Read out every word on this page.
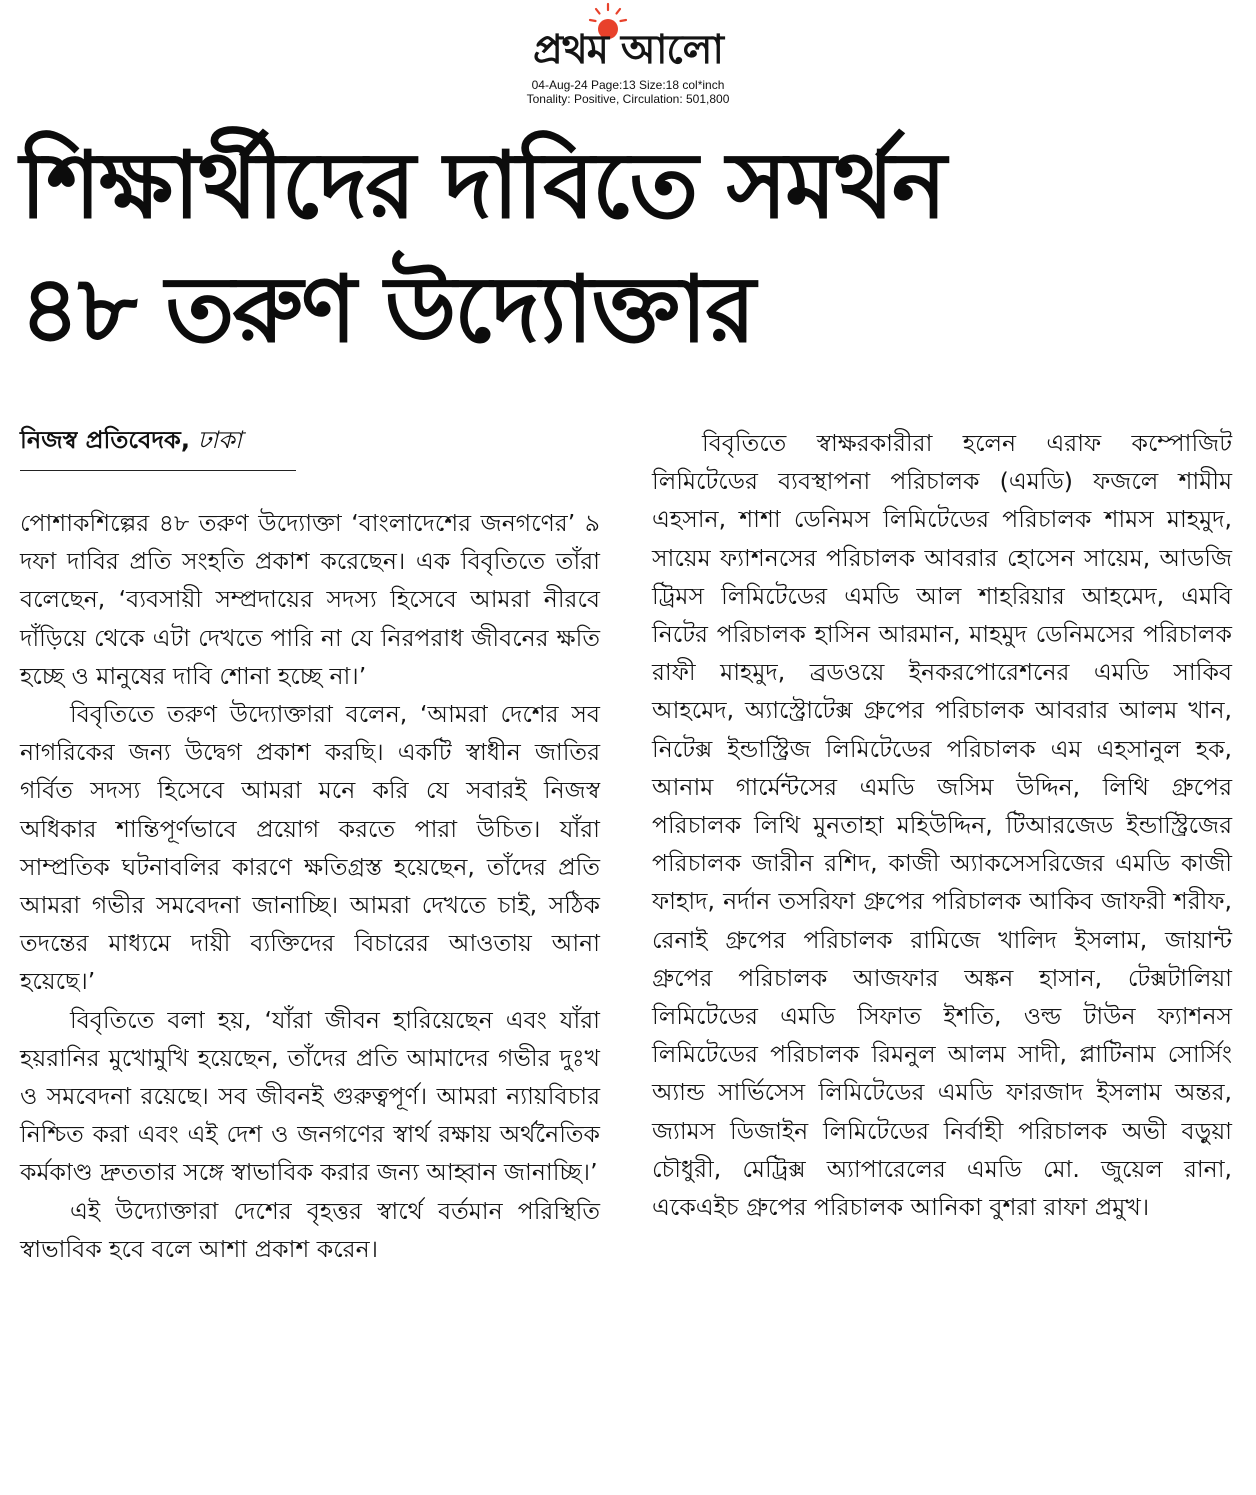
প্রথম আলো
04-Aug-24 Page:13 Size:18 col*inch
Tonality: Positive, Circulation: 501,800
শিক্ষার্থীদের দাবিতে সমর্থন
৪৮ তরুণ উদ্যোক্তার
নিজস্ব প্রতিবেদক, ঢাকা

পোশাকশিল্পের ৪৮ তরুণ উদ্যোক্তা ‘বাংলাদেশের জনগণের’ ৯ দফা দাবির প্রতি সংহতি প্রকাশ করেছেন। এক বিবৃতিতে তাঁরা বলেছেন, ‘ব্যবসায়ী সম্প্রদায়ের সদস্য হিসেবে আমরা নীরবে দাঁড়িয়ে থেকে এটা দেখতে পারি না যে নিরপরাধ জীবনের ক্ষতি হচ্ছে ও মানুষের দাবি শোনা হচ্ছে না।’

বিবৃতিতে তরুণ উদ্যোক্তারা বলেন, ‘আমরা দেশের সব নাগরিকের জন্য উদ্বেগ প্রকাশ করছি। একটি স্বাধীন জাতির গর্বিত সদস্য হিসেবে আমরা মনে করি যে সবারই নিজস্ব অধিকার শান্তিপূর্ণভাবে প্রয়োগ করতে পারা উচিত। যাঁরা সাম্প্রতিক ঘটনাবলির কারণে ক্ষতিগ্রস্ত হয়েছেন, তাঁদের প্রতি আমরা গভীর সমবেদনা জানাচ্ছি। আমরা দেখতে চাই, সঠিক তদন্তের মাধ্যমে দায়ী ব্যক্তিদের বিচারের আওতায় আনা হয়েছে।’

বিবৃতিতে বলা হয়, ‘যাঁরা জীবন হারিয়েছেন এবং যাঁরা হয়রানির মুখোমুখি হয়েছেন, তাঁদের প্রতি আমাদের গভীর দুঃখ ও সমবেদনা রয়েছে। সব জীবনই গুরুত্বপূর্ণ। আমরা ন্যায়বিচার নিশ্চিত করা এবং এই দেশ ও জনগণের স্বার্থ রক্ষায় অর্থনৈতিক কর্মকাণ্ড দ্রুততার সঙ্গে স্বাভাবিক করার জন্য আহ্বান জানাচ্ছি।’

এই উদ্যোক্তারা দেশের বৃহত্তর স্বার্থে বর্তমান পরিস্থিতি স্বাভাবিক হবে বলে আশা প্রকাশ করেন।

বিবৃতিতে স্বাক্ষরকারীরা হলেন এরাফ কম্পোজিট লিমিটেডের ব্যবস্থাপনা পরিচালক (এমডি) ফজলে শামীম এহসান, শাশা ডেনিমস লিমিটেডের পরিচালক শামস মাহমুদ, সায়েম ফ্যাশনসের পরিচালক আবরার হোসেন সায়েম, আডজি ট্রিমস লিমিটেডের এমডি আল শাহরিয়ার আহমেদ, এমবি নিটের পরিচালক হাসিন আরমান, মাহমুদ ডেনিমসের পরিচালক রাফী মাহমুদ, ব্রডওয়ে ইনকরপোরেশনের এমডি সাকিব আহমেদ, অ্যাস্ট্রোটেক্স গ্রুপের পরিচালক আবরার আলম খান, নিটেক্স ইন্ডাস্ট্রিজ লিমিটেডের পরিচালক এম এহসানুল হক, আনাম গার্মেন্টসের এমডি জসিম উদ্দিন, লিথি গ্রুপের পরিচালক লিথি মুনতাহা মহিউদ্দিন, টিআরজেড ইন্ডাস্ট্রিজের পরিচালক জারীন রশিদ, কাজী অ্যাকসেসরিজের এমডি কাজী ফাহাদ, নর্দান তসরিফা গ্রুপের পরিচালক আকিব জাফরী শরীফ, রেনাই গ্রুপের পরিচালক রামিজে খালিদ ইসলাম, জায়ান্ট গ্রুপের পরিচালক আজফার অঙ্কন হাসান, টেক্সটালিয়া লিমিটেডের এমডি সিফাত ইশতি, ওল্ড টাউন ফ্যাশনস লিমিটেডের পরিচালক রিমনুল আলম সাদী, প্লাটিনাম সোর্সিং অ্যান্ড সার্ভিসেস লিমিটেডের এমডি ফারজাদ ইসলাম অন্তর, জ্যামস ডিজাইন লিমিটেডের নির্বাহী পরিচালক অভী বড়ুয়া চৌধুরী, মেট্রিক্স অ্যাপারেলের এমডি মো. জুয়েল রানা, একেএইচ গ্রুপের পরিচালক আনিকা বুশরা রাফা প্রমুখ।
